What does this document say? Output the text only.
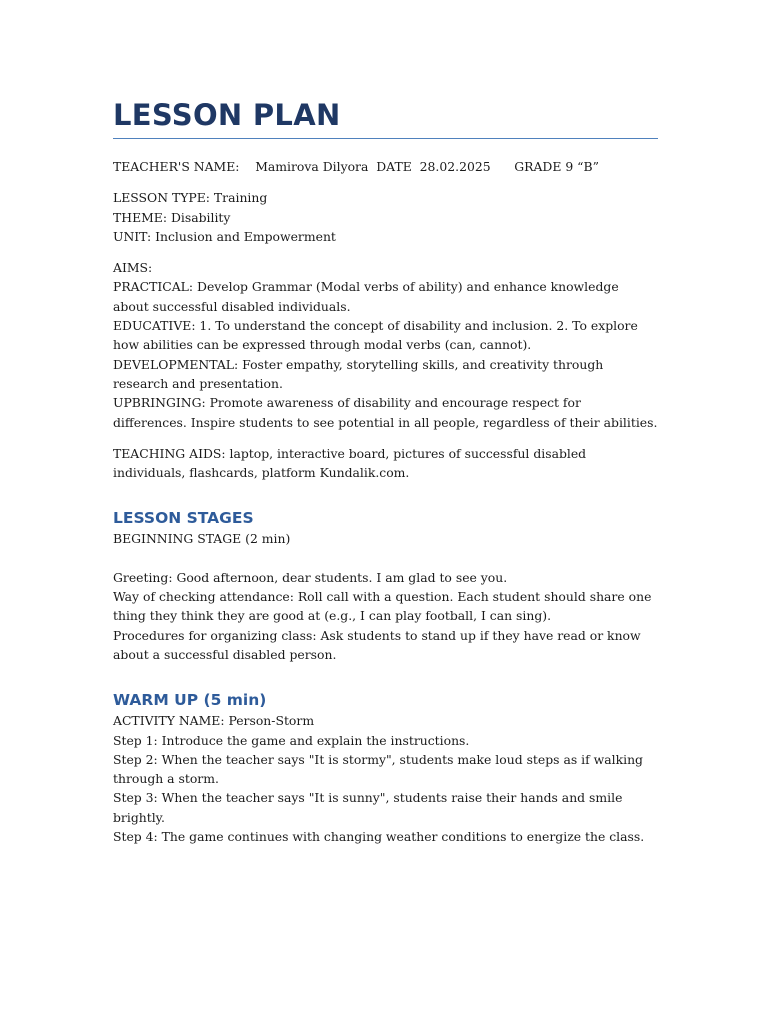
LESSON PLAN
TEACHER'S NAME: Mamirova Dilyora DATE 28.02.2025 GRADE 9 “B”

LESSON TYPE: Training

THEME: Disability

UNIT: Inclusion and Empowerment

AIMS:

PRACTICAL: Develop Grammar (Modal verbs of ability) and enhance knowledge about successful disabled individuals.

EDUCATIVE: 1. To understand the concept of disability and inclusion. 2. To explore how abilities can be expressed through modal verbs (can, cannot).

DEVELOPMENTAL: Foster empathy, storytelling skills, and creativity through research and presentation.

UPBRINGING: Promote awareness of disability and encourage respect for differences. Inspire students to see potential in all people, regardless of their abilities.

TEACHING AIDS: laptop, interactive board, pictures of successful disabled individuals, flashcards, platform Kundalik.com.

LESSON STAGES

BEGINNING STAGE (2 min)

Greeting: Good afternoon, dear students. I am glad to see you.

Way of checking attendance: Roll call with a question. Each student should share one thing they think they are good at (e.g., I can play football, I can sing).

Procedures for organizing class: Ask students to stand up if they have read or know about a successful disabled person.

WARM UP (5 min)

ACTIVITY NAME: Person-Storm

Step 1: Introduce the game and explain the instructions.

Step 2: When the teacher says "It is stormy", students make loud steps as if walking through a storm.

Step 3: When the teacher says "It is sunny", students raise their hands and smile brightly.

Step 4: The game continues with changing weather conditions to energize the class.
